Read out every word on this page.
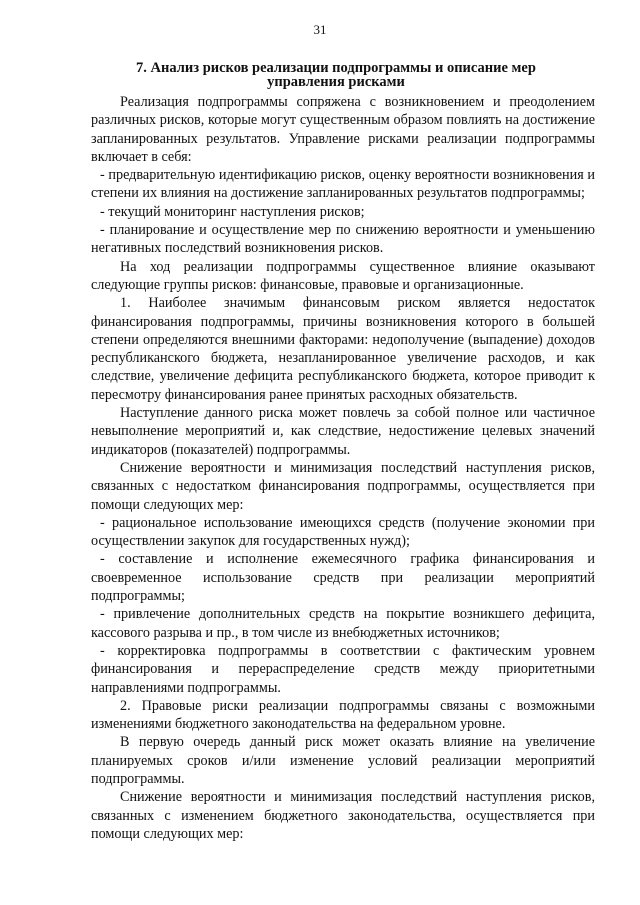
31
7. Анализ рисков реализации подпрограммы и описание мер
управления рисками

Реализация подпрограммы сопряжена с возникновением и преодолением различных рисков, которые могут существенным образом повлиять на достижение запланированных результатов. Управление рисками реализации подпрограммы включает в себя:

- предварительную идентификацию рисков, оценку вероятности возникновения и степени их влияния на достижение запланированных результатов подпрограммы;

- текущий мониторинг наступления рисков;

- планирование и осуществление мер по снижению вероятности и уменьшению негативных последствий возникновения рисков.

На ход реализации подпрограммы существенное влияние оказывают следующие группы рисков: финансовые, правовые и организационные.

1. Наиболее значимым финансовым риском является недостаток финансирования подпрограммы, причины возникновения которого в большей степени определяются внешними факторами: недополучение (выпадение) доходов республиканского бюджета, незапланированное увеличение расходов, и как следствие, увеличение дефицита республиканского бюджета, которое приводит к пересмотру финансирования ранее принятых расходных обязательств.

Наступление данного риска может повлечь за собой полное или частичное невыполнение мероприятий и, как следствие, недостижение целевых значений индикаторов (показателей) подпрограммы.

Снижение вероятности и минимизация последствий наступления рисков, связанных с недостатком финансирования подпрограммы, осуществляется при помощи следующих мер:

- рациональное использование имеющихся средств (получение экономии при осуществлении закупок для государственных нужд);

- составление и исполнение ежемесячного графика финансирования и своевременное использование средств при реализации мероприятий подпрограммы;

- привлечение дополнительных средств на покрытие возникшего дефицита, кассового разрыва и пр., в том числе из внебюджетных источников;

- корректировка подпрограммы в соответствии с фактическим уровнем финансирования и перераспределение средств между приоритетными направлениями подпрограммы.

2. Правовые риски реализации подпрограммы связаны с возможными изменениями бюджетного законодательства на федеральном уровне.

В первую очередь данный риск может оказать влияние на увеличение планируемых сроков и/или изменение условий реализации мероприятий подпрограммы.

Снижение вероятности и минимизация последствий наступления рисков, связанных с изменением бюджетного законодательства, осуществляется при помощи следующих мер:
